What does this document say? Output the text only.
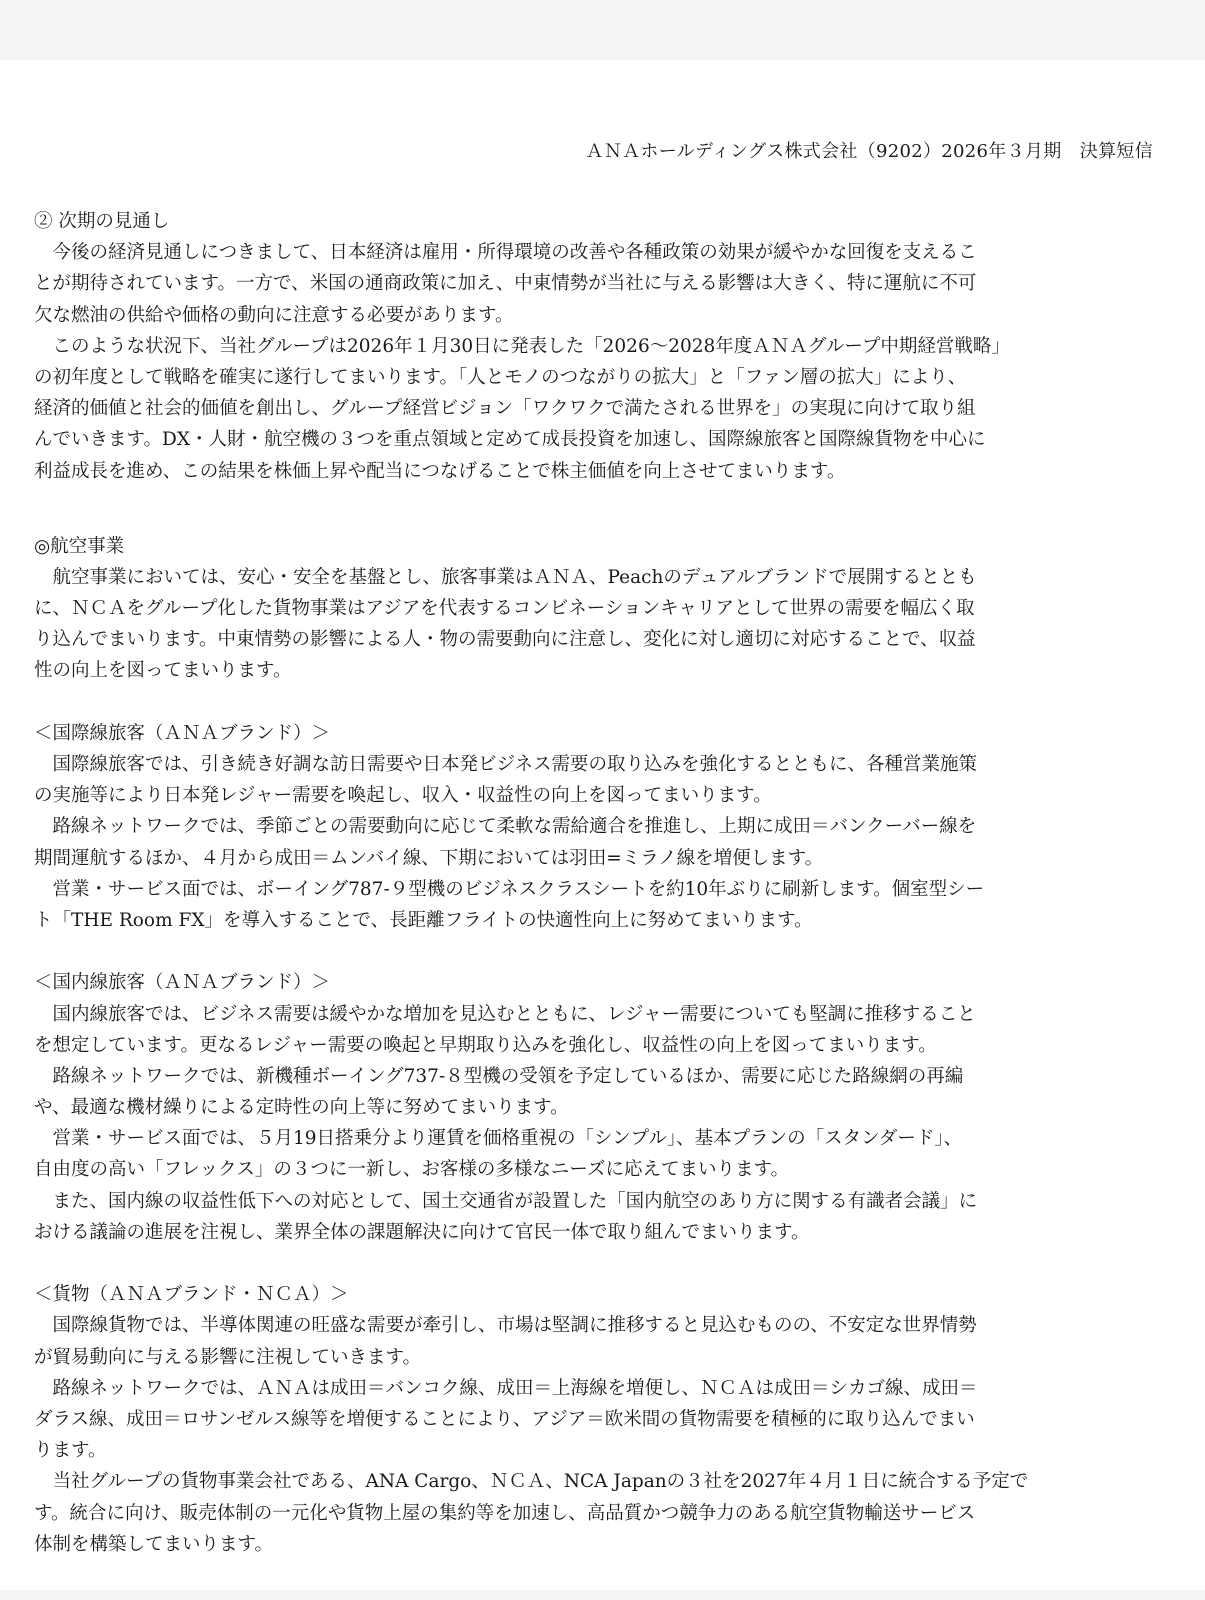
ＡＮＡホールディングス株式会社（9202）2026年３月期　決算短信
② 次期の見通し
　今後の経済見通しにつきまして、日本経済は雇用・所得環境の改善や各種政策の効果が緩やかな回復を支えるこ
とが期待されています。一方で、米国の通商政策に加え、中東情勢が当社に与える影響は大きく、特に運航に不可
欠な燃油の供給や価格の動向に注意する必要があります。
　このような状況下、当社グループは2026年１月30日に発表した「2026～2028年度ＡＮＡグループ中期経営戦略」
の初年度として戦略を確実に遂行してまいります。「人とモノのつながりの拡大」と「ファン層の拡大」により、
経済的価値と社会的価値を創出し、グループ経営ビジョン「ワクワクで満たされる世界を」の実現に向けて取り組
んでいきます。DX・人財・航空機の３つを重点領域と定めて成長投資を加速し、国際線旅客と国際線貨物を中心に
利益成長を進め、この結果を株価上昇や配当につなげることで株主価値を向上させてまいります。
◎航空事業
　航空事業においては、安心・安全を基盤とし、旅客事業はＡＮＡ、Peachのデュアルブランドで展開するととも
に、ＮＣＡをグループ化した貨物事業はアジアを代表するコンビネーションキャリアとして世界の需要を幅広く取
り込んでまいります。中東情勢の影響による人・物の需要動向に注意し、変化に対し適切に対応することで、収益
性の向上を図ってまいります。
＜国際線旅客（ＡＮＡブランド）＞
　国際線旅客では、引き続き好調な訪日需要や日本発ビジネス需要の取り込みを強化するとともに、各種営業施策
の実施等により日本発レジャー需要を喚起し、収入・収益性の向上を図ってまいります。
　路線ネットワークでは、季節ごとの需要動向に応じて柔軟な需給適合を推進し、上期に成田＝バンクーバー線を
期間運航するほか、４月から成田＝ムンバイ線、下期においては羽田=ミラノ線を増便します。
　営業・サービス面では、ボーイング787-９型機のビジネスクラスシートを約10年ぶりに刷新します。個室型シー
ト「THE Room FX」を導入することで、長距離フライトの快適性向上に努めてまいります。
＜国内線旅客（ＡＮＡブランド）＞
　国内線旅客では、ビジネス需要は緩やかな増加を見込むとともに、レジャー需要についても堅調に推移すること
を想定しています。更なるレジャー需要の喚起と早期取り込みを強化し、収益性の向上を図ってまいります。
　路線ネットワークでは、新機種ボーイング737-８型機の受領を予定しているほか、需要に応じた路線網の再編
や、最適な機材繰りによる定時性の向上等に努めてまいります。
　営業・サービス面では、５月19日搭乗分より運賃を価格重視の「シンプル」、基本プランの「スタンダード」、
自由度の高い「フレックス」の３つに一新し、お客様の多様なニーズに応えてまいります。
　また、国内線の収益性低下への対応として、国土交通省が設置した「国内航空のあり方に関する有識者会議」に
おける議論の進展を注視し、業界全体の課題解決に向けて官民一体で取り組んでまいります。
＜貨物（ＡＮＡブランド・ＮＣＡ）＞
　国際線貨物では、半導体関連の旺盛な需要が牽引し、市場は堅調に推移すると見込むものの、不安定な世界情勢
が貿易動向に与える影響に注視していきます。
　路線ネットワークでは、ＡＮＡは成田＝バンコク線、成田＝上海線を増便し、ＮＣＡは成田＝シカゴ線、成田＝
ダラス線、成田＝ロサンゼルス線等を増便することにより、アジア＝欧米間の貨物需要を積極的に取り込んでまい
ります。
　当社グループの貨物事業会社である、ANA Cargo、ＮＣＡ、NCA Japanの３社を2027年４月１日に統合する予定で
す。統合に向け、販売体制の一元化や貨物上屋の集約等を加速し、高品質かつ競争力のある航空貨物輸送サービス
体制を構築してまいります。
